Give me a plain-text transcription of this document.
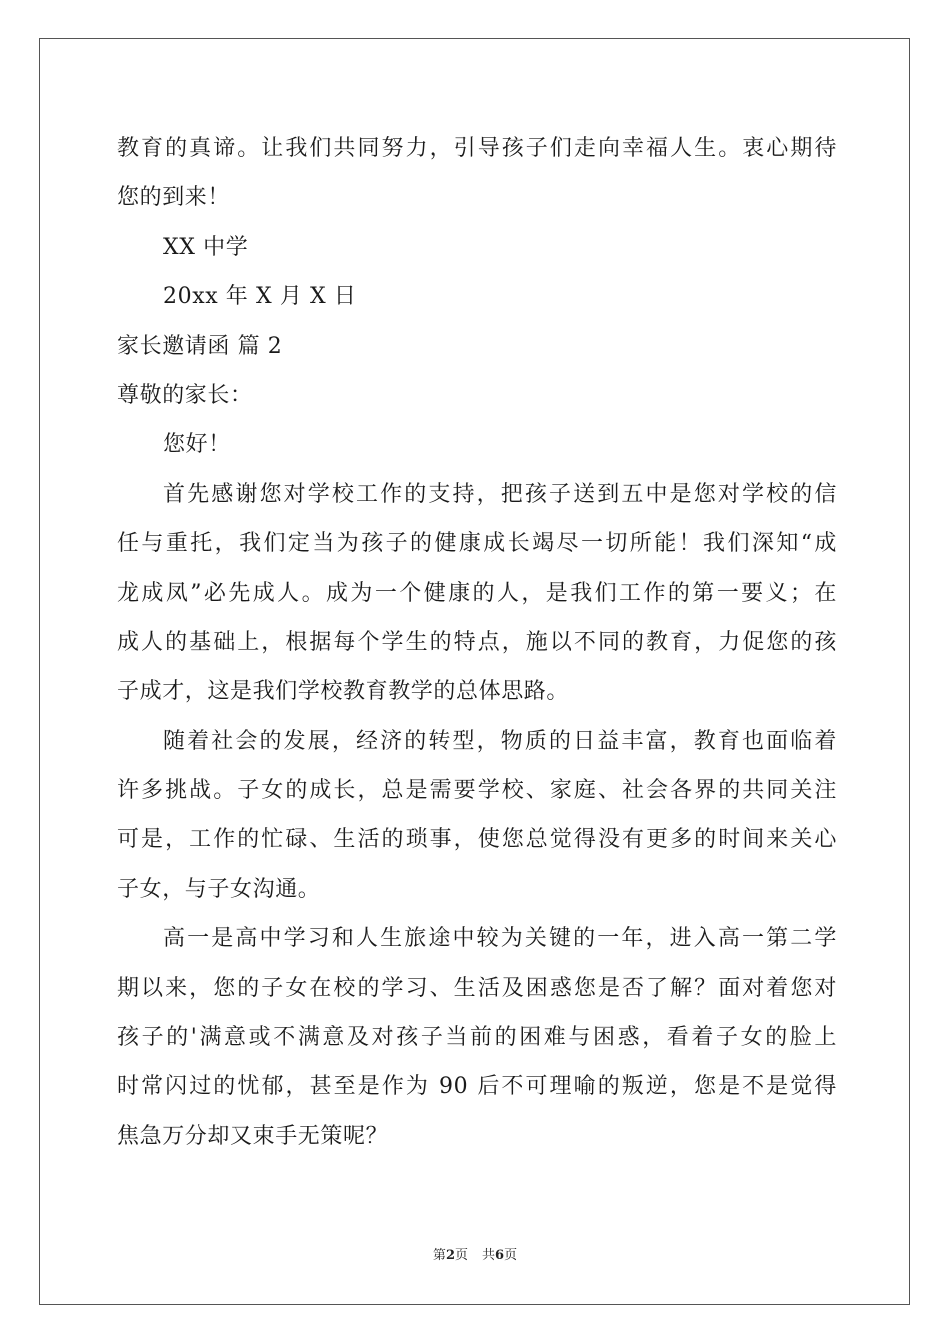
教育的真谛。让我们共同努力，引导孩子们走向幸福人生。衷心期待
您的到来！
XX 中学
20xx 年 X 月 X 日
家长邀请函 篇 2
尊敬的家长：
您好！
首先感谢您对学校工作的支持，把孩子送到五中是您对学校的信
任与重托，我们定当为孩子的健康成长竭尽一切所能！我们深知“成
龙成凤”必先成人。成为一个健康的人，是我们工作的第一要义；在
成人的基础上，根据每个学生的特点，施以不同的教育，力促您的孩
子成才，这是我们学校教育教学的总体思路。
随着社会的发展，经济的转型，物质的日益丰富，教育也面临着
许多挑战。子女的成长，总是需要学校、家庭、社会各界的共同关注
可是，工作的忙碌、生活的琐事，使您总觉得没有更多的时间来关心
子女，与子女沟通。
高一是高中学习和人生旅途中较为关键的一年，进入高一第二学
期以来，您的子女在校的学习、生活及困惑您是否了解？面对着您对
孩子的'满意或不满意及对孩子当前的困难与困惑，看着子女的脸上
时常闪过的忧郁，甚至是作为 90 后不可理喻的叛逆，您是不是觉得
焦急万分却又束手无策呢？
第2页 共6页
